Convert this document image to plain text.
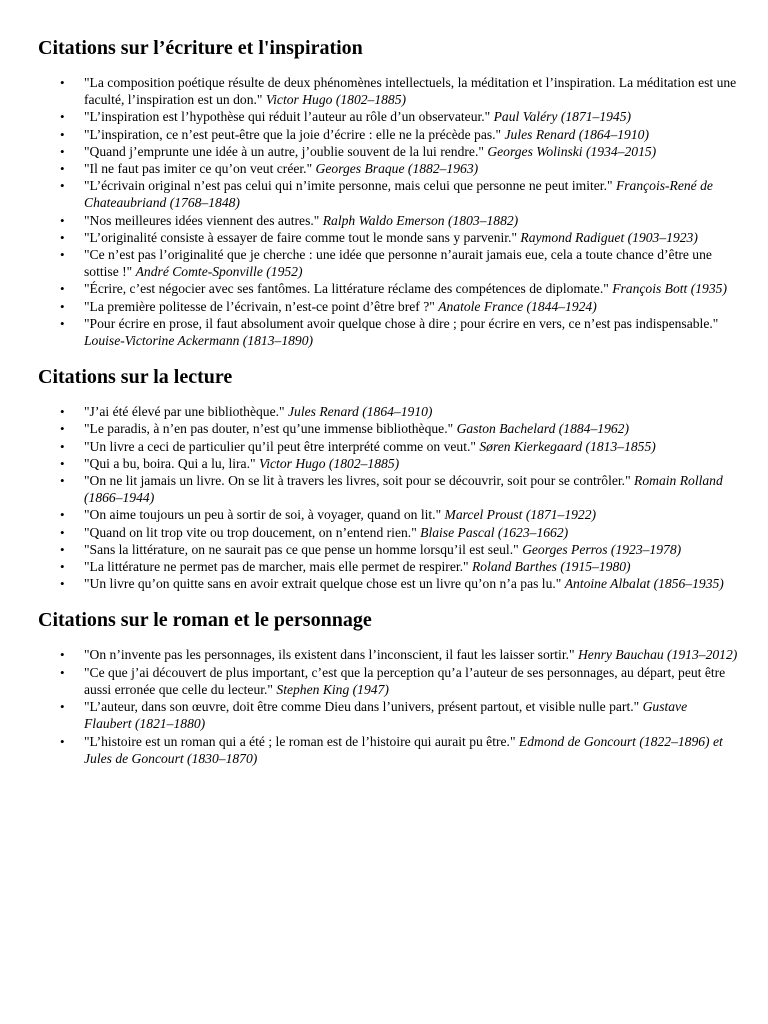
Citations sur l’écriture et l'inspiration
• "La composition poétique résulte de deux phénomènes intellectuels, la méditation et l’inspiration. La méditation est une faculté, l’inspiration est un don." Victor Hugo (1802–1885)
• "L’inspiration est l’hypothèse qui réduit l’auteur au rôle d’un observateur." Paul Valéry (1871–1945)
• "L’inspiration, ce n’est peut-être que la joie d’écrire : elle ne la précède pas." Jules Renard (1864–1910)
• "Quand j’emprunte une idée à un autre, j’oublie souvent de la lui rendre." Georges Wolinski (1934–2015)
• "Il ne faut pas imiter ce qu’on veut créer." Georges Braque (1882–1963)
• "L’écrivain original n’est pas celui qui n’imite personne, mais celui que personne ne peut imiter." François-René de Chateaubriand (1768–1848)
• "Nos meilleures idées viennent des autres." Ralph Waldo Emerson (1803–1882)
• "L’originalité consiste à essayer de faire comme tout le monde sans y parvenir." Raymond Radiguet (1903–1923)
• "Ce n’est pas l’originalité que je cherche : une idée que personne n’aurait jamais eue, cela a toute chance d’être une sottise !" André Comte-Sponville (1952)
• "Écrire, c’est négocier avec ses fantômes. La littérature réclame des compétences de diplomate." François Bott (1935)
• "La première politesse de l’écrivain, n’est-ce point d’être bref ?" Anatole France (1844–1924)
• "Pour écrire en prose, il faut absolument avoir quelque chose à dire ; pour écrire en vers, ce n’est pas indispensable." Louise-Victorine Ackermann (1813–1890)
Citations sur la lecture
• "J’ai été élevé par une bibliothèque." Jules Renard (1864–1910)
• "Le paradis, à n’en pas douter, n’est qu’une immense bibliothèque." Gaston Bachelard (1884–1962)
• "Un livre a ceci de particulier qu’il peut être interprété comme on veut." Søren Kierkegaard (1813–1855)
• "Qui a bu, boira. Qui a lu, lira." Victor Hugo (1802–1885)
• "On ne lit jamais un livre. On se lit à travers les livres, soit pour se découvrir, soit pour se contrôler." Romain Rolland (1866–1944)
• "On aime toujours un peu à sortir de soi, à voyager, quand on lit." Marcel Proust (1871–1922)
• "Quand on lit trop vite ou trop doucement, on n’entend rien." Blaise Pascal (1623–1662)
• "Sans la littérature, on ne saurait pas ce que pense un homme lorsqu’il est seul." Georges Perros (1923–1978)
• "La littérature ne permet pas de marcher, mais elle permet de respirer." Roland Barthes (1915–1980)
• "Un livre qu’on quitte sans en avoir extrait quelque chose est un livre qu’on n’a pas lu." Antoine Albalat (1856–1935)
Citations sur le roman et le personnage
• "On n’invente pas les personnages, ils existent dans l’inconscient, il faut les laisser sortir." Henry Bauchau (1913–2012)
• "Ce que j’ai découvert de plus important, c’est que la perception qu’a l’auteur de ses personnages, au départ, peut être aussi erronée que celle du lecteur." Stephen King (1947)
• "L’auteur, dans son œuvre, doit être comme Dieu dans l’univers, présent partout, et visible nulle part." Gustave Flaubert (1821–1880)
• "L’histoire est un roman qui a été ; le roman est de l’histoire qui aurait pu être." Edmond de Goncourt (1822–1896) et Jules de Goncourt (1830–1870)
